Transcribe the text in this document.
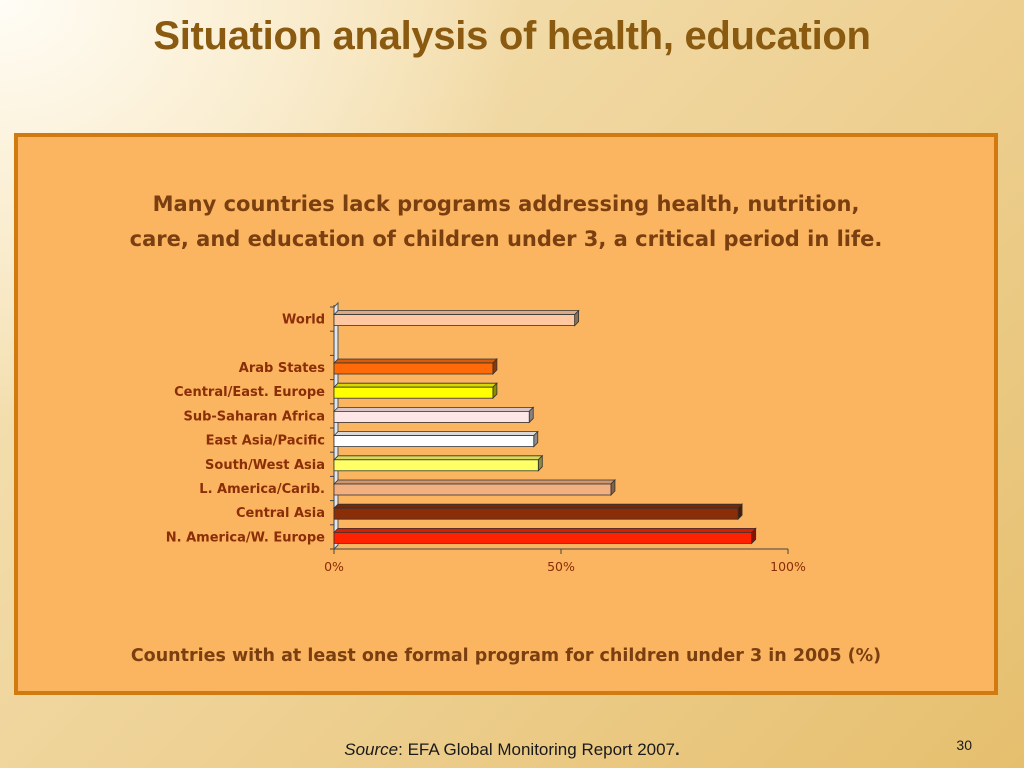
Situation analysis of health, education
Many countries lack programs addressing health, nutrition,
care, and education of children under 3, a critical period in life.
World
Arab States
Central/East. Europe
Sub-Saharan Africa
East Asia/Pacific
South/West Asia
L. America/Carib.
Central Asia
N. America/W. Europe
0%	50%	100%
Countries with at least one formal program for children under 3 in 2005 (%)
Source: EFA Global Monitoring Report 2007.	30
